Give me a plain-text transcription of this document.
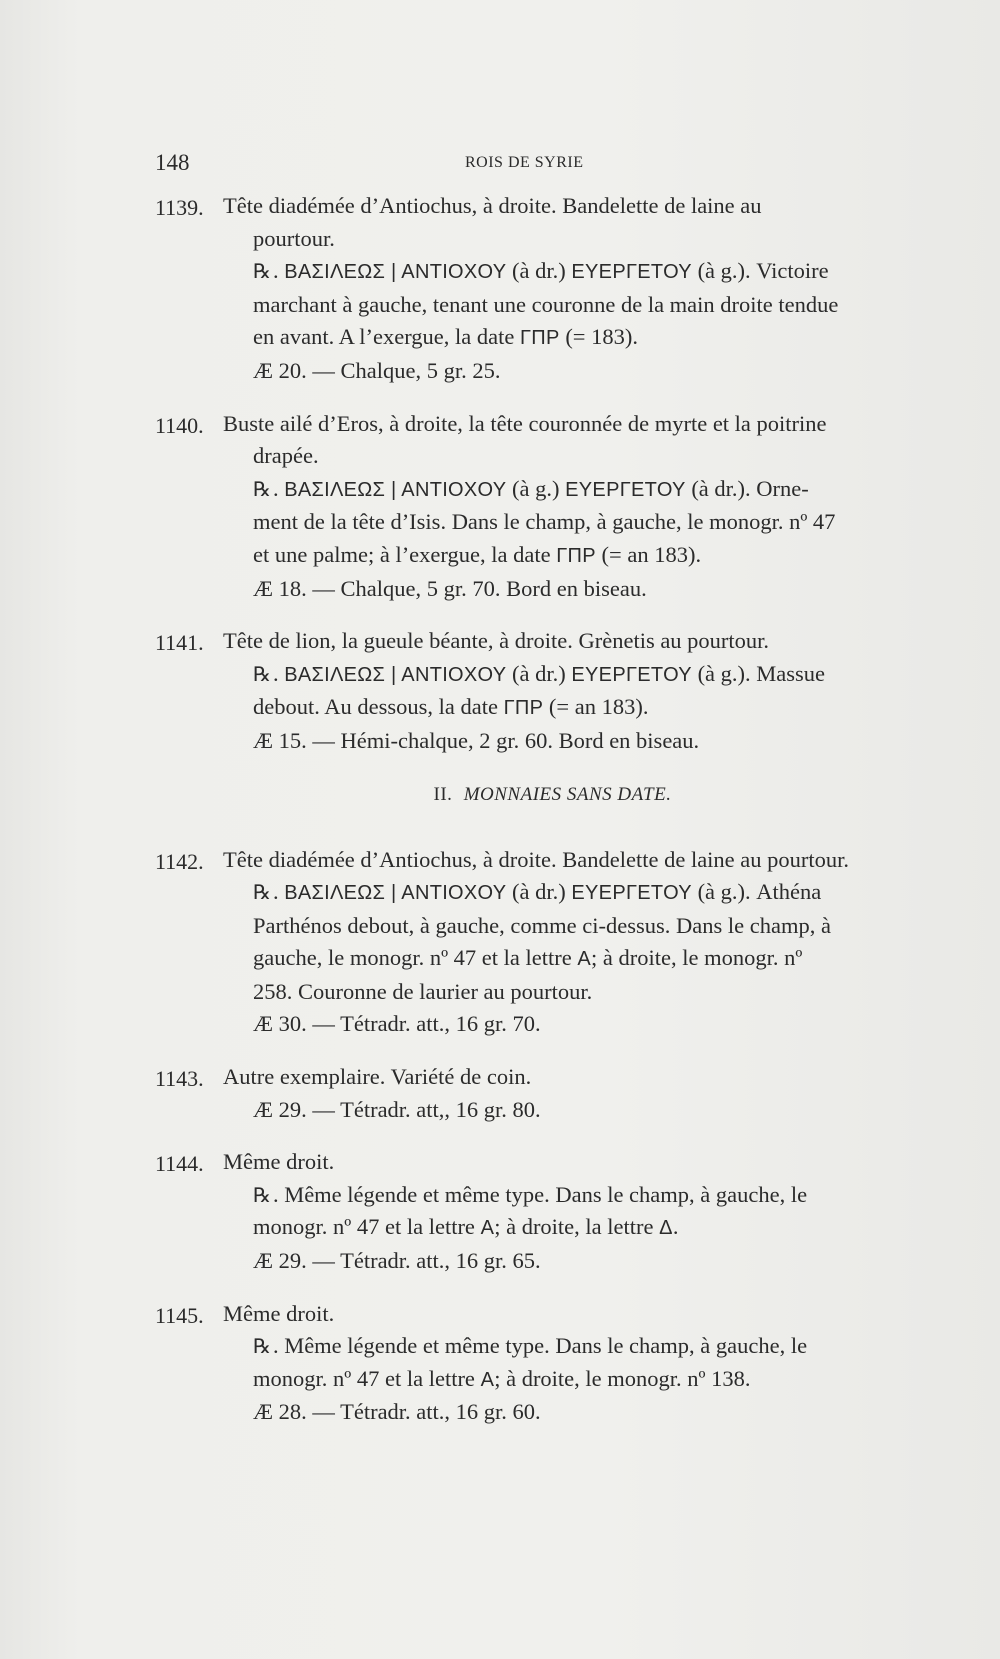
148	ROIS DE SYRIE
1139. Tête diadémée d’Antiochus, à droite. Bandelette de laine au
pourtour.
℞. ΒΑΣΙΛΕΩΣ | ΑΝΤΙΟΧΟΥ (à dr.) ΕΥΕΡΓΕΤΟΥ (à g.). Victoire
marchant à gauche, tenant une couronne de la main droite tendue
en avant. A l’exergue, la date ΓΠΡ (= 183).
Æ 20. — Chalque, 5 gr. 25.
1140. Buste ailé d’Eros, à droite, la tête couronnée de myrte et la poitrine
drapée.
℞. ΒΑΣΙΛΕΩΣ | ΑΝΤΙΟΧΟΥ (à g.) ΕΥΕΡΓΕΤΟΥ (à dr.). Orne-
ment de la tête d’Isis. Dans le champ, à gauche, le monogr. nº 47
et une palme; à l’exergue, la date ΓΠΡ (= an 183).
Æ 18. — Chalque, 5 gr. 70. Bord en biseau.
1141. Tête de lion, la gueule béante, à droite. Grènetis au pourtour.
℞. ΒΑΣΙΛΕΩΣ | ΑΝΤΙΟΧΟΥ (à dr.) ΕΥΕΡΓΕΤΟΥ (à g.). Massue
debout. Au dessous, la date ΓΠΡ (= an 183).
Æ 15. — Hémi-chalque, 2 gr. 60. Bord en biseau.
II. MONNAIES SANS DATE.
1142. Tête diadémée d’Antiochus, à droite. Bandelette de laine au pourtour.
℞. ΒΑΣΙΛΕΩΣ | ΑΝΤΙΟΧΟΥ (à dr.) ΕΥΕΡΓΕΤΟΥ (à g.). Athéna
Parthénos debout, à gauche, comme ci-dessus. Dans le champ, à
gauche, le monogr. nº 47 et la lettre Α; à droite, le monogr. nº
258. Couronne de laurier au pourtour.
Æ 30. — Tétradr. att., 16 gr. 70.
1143. Autre exemplaire. Variété de coin.
Æ 29. — Tétradr. att,, 16 gr. 80.
1144. Même droit.
℞. Même légende et même type. Dans le champ, à gauche, le
monogr. nº 47 et la lettre Α; à droite, la lettre Δ.
Æ 29. — Tétradr. att., 16 gr. 65.
1145. Même droit.
℞. Même légende et même type. Dans le champ, à gauche, le
monogr. nº 47 et la lettre Α; à droite, le monogr. nº 138.
Æ 28. — Tétradr. att., 16 gr. 60.
